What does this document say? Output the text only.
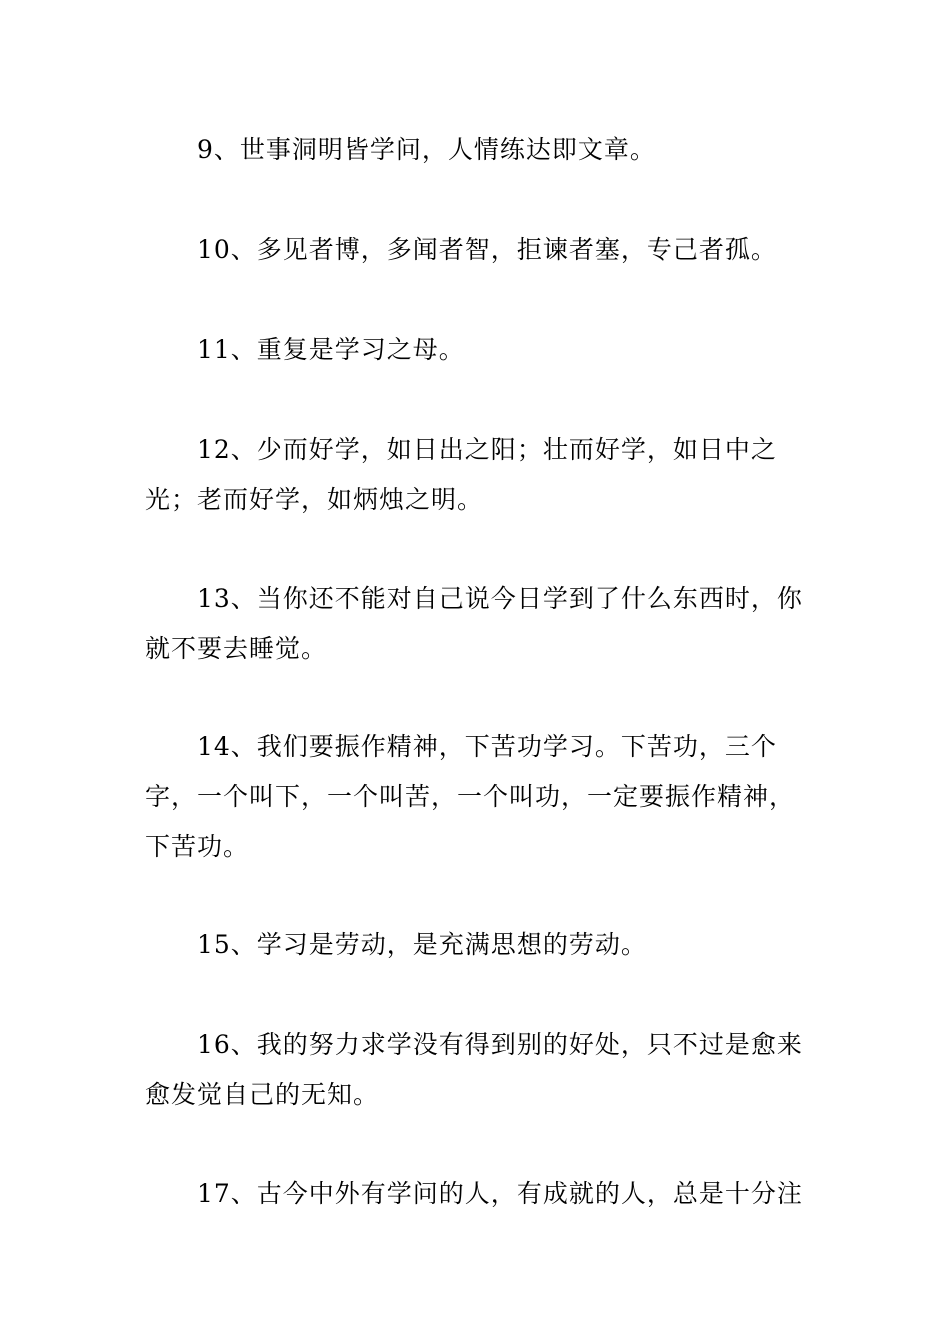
9、世事洞明皆学问，人情练达即文章。

10、多见者博，多闻者智，拒谏者塞，专己者孤。

11、重复是学习之母。

12、少而好学，如日出之阳；壮而好学，如日中之光；老而好学，如炳烛之明。

13、当你还不能对自己说今日学到了什么东西时，你就不要去睡觉。

14、我们要振作精神，下苦功学习。下苦功，三个字，一个叫下，一个叫苦，一个叫功，一定要振作精神，下苦功。

15、学习是劳动，是充满思想的劳动。

16、我的努力求学没有得到别的好处，只不过是愈来愈发觉自己的无知。

17、古今中外有学问的人，有成就的人，总是十分注
